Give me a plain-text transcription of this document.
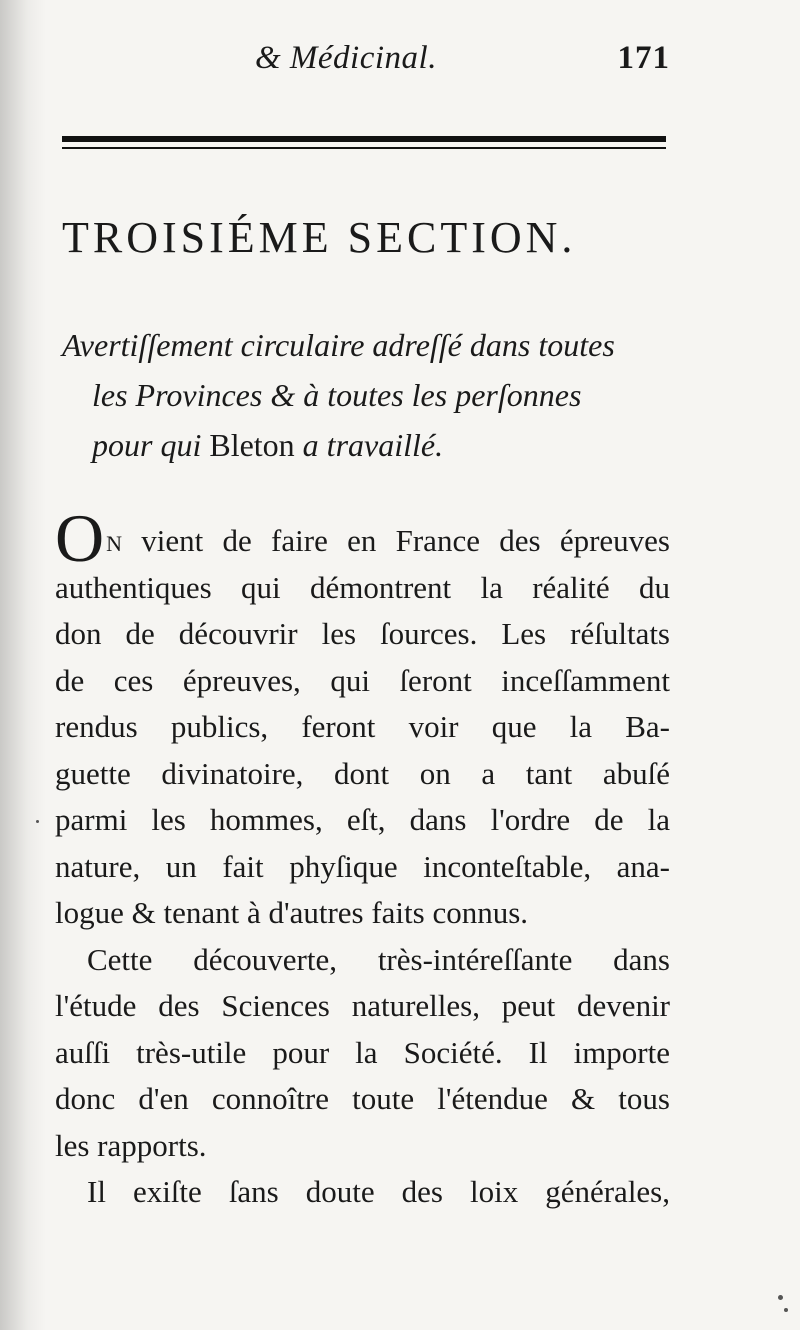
& Médicinal.	171
TROISIÉME SECTION.
Avertiſſement circulaire adreſſé dans toutes
les Provinces & à toutes les perſonnes
pour qui Bleton a travaillé.
On vient de faire en France des épreuves
authentiques qui démontrent la réalité du
don de découvrir les ſources. Les réſultats
de ces épreuves, qui ſeront inceſſamment
rendus publics, feront voir que la Ba-
guette divinatoire, dont on a tant abuſé
parmi les hommes, eſt, dans l'ordre de la
nature, un fait phyſique inconteſtable, ana-
logue & tenant à d'autres faits connus.
Cette découverte, très-intéreſſante dans
l'étude des Sciences naturelles, peut devenir
auſſi très-utile pour la Société. Il importe
donc d'en connoître toute l'étendue & tous
les rapports.
Il exiſte ſans doute des loix générales,
